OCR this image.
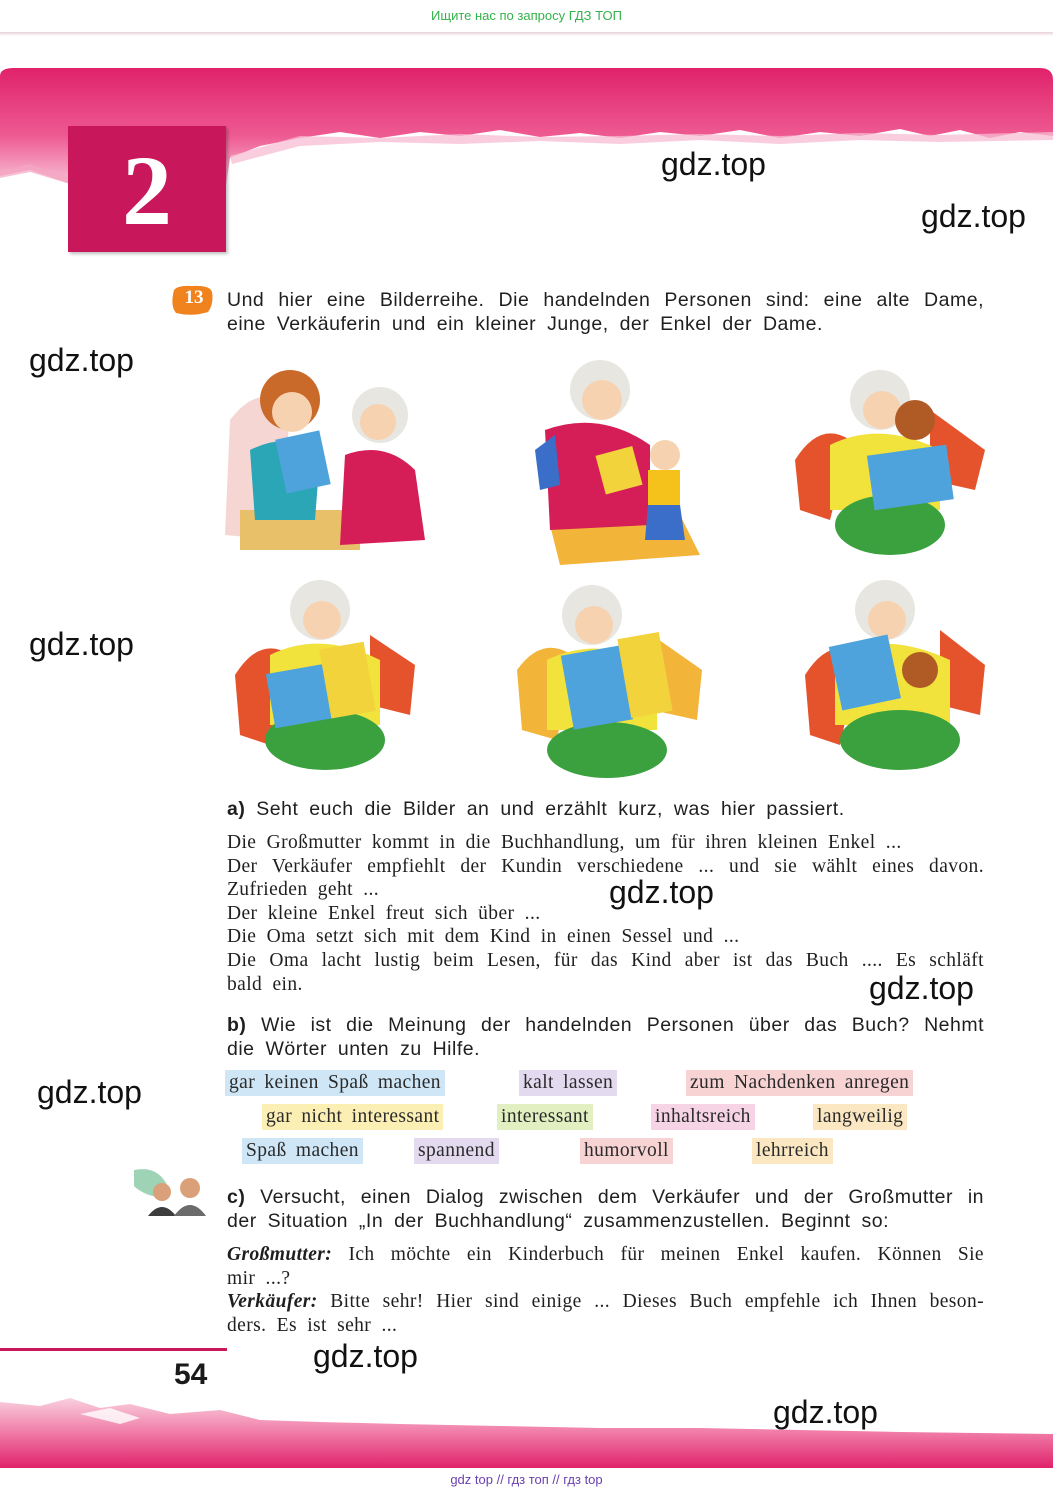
Ищите нас по запросу ГДЗ ТОП
2	gdz.top
gdz.top
gdz.top
gdz.top
gdz.top
gdz.top
gdz.top
gdz.top
gdz.top
13	Und hier eine Bilderreihe. Die handelnden Personen sind: eine alte Dame, eine Verkäuferin und ein kleiner Junge, der Enkel der Dame.
a) Seht euch die Bilder an und erzählt kurz, was hier passiert.
Die Großmutter kommt in die Buchhandlung, um für ihren kleinen Enkel ...
Der Verkäufer empfiehlt der Kundin verschiedene ... und sie wählt eines davon.
Zufrieden geht ...
Der kleine Enkel freut sich über ...
Die Oma setzt sich mit dem Kind in einen Sessel und ...
Die Oma lacht lustig beim Lesen, für das Kind aber ist das Buch .... Es schläft
bald ein.
b) Wie ist die Meinung der handelnden Personen über das Buch? Nehmt
die Wörter unten zu Hilfe.
gar keinen Spaß machen	kalt lassen	zum Nachdenken anregen
gar nicht interessant	interessant	inhaltsreich	langweilig
Spaß machen	spannend	humorvoll	lehrreich
c) Versucht, einen Dialog zwischen dem Verkäufer und der Großmutter in
der Situation „In der Buchhandlung“ zusammenzustellen. Beginnt so:
Großmutter: Ich möchte ein Kinderbuch für meinen Enkel kaufen. Können Sie
mir ...?
Verkäufer: Bitte sehr! Hier sind einige ... Dieses Buch empfehle ich Ihnen beson-
ders. Es ist sehr ...
54
gdz top // гдз топ // гдз top
